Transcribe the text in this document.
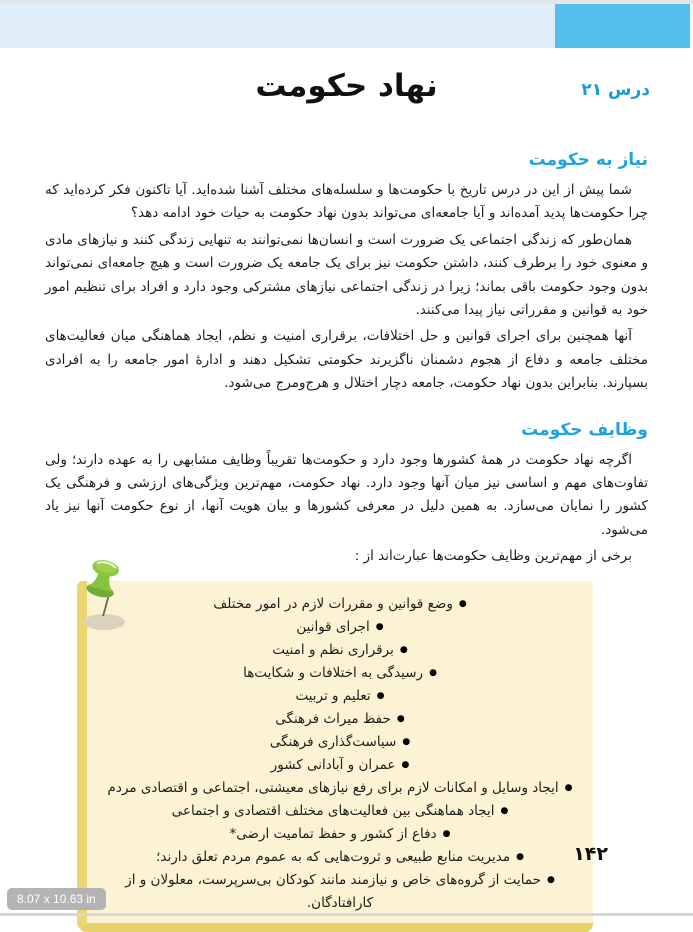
درس ۲۱
نهاد حکومت
نیاز به حکومت

شما پیش از این در درس تاریخ با حکومت‌ها و سلسله‌های مختلف آشنا شده‌اید. آیا تاکنون فکر کرده‌اید که چرا حکومت‌ها پدید آمده‌اند و آیا جامعه‌ای می‌تواند بدون نهاد حکومت به حیات خود ادامه دهد؟

همان‌طور که زندگی اجتماعی یک ضرورت است و انسان‌ها نمی‌توانند به تنهایی زندگی کنند و نیازهای مادی و معنوی خود را برطرف کنند، داشتن حکومت نیز برای یک جامعه یک ضرورت است و هیچ جامعه‌ای نمی‌تواند بدون وجود حکومت باقی بماند؛ زیرا در زندگی اجتماعی نیازهای مشترکی وجود دارد و افراد برای تنظیم امور خود به قوانین و مقرراتی نیاز پیدا می‌کنند.

آنها همچنین برای اجرای قوانین و حل اختلافات، برقراری امنیت و نظم، ایجاد هماهنگی میان فعالیت‌های مختلف جامعه و دفاع از هجوم دشمنان ناگزیرند حکومتی تشکیل دهند و ادارهٔ امور جامعه را به افرادی بسپارند. بنابراین بدون نهاد حکومت، جامعه دچار اختلال و هرج‌ومرج می‌شود.

وظایف حکومت

اگرچه نهاد حکومت در همهٔ کشورها وجود دارد و حکومت‌ها تقریباً وظایف مشابهی را به عهده دارند؛ ولی تفاوت‌های مهم و اساسی نیز میان آنها وجود دارد. نهاد حکومت، مهم‌ترین ویژگی‌های ارزشی و فرهنگی یک کشور را نمایان می‌سازد. به همین دلیل در معرفی کشورها و بیان هویت آنها، از نوع حکومت آنها نیز یاد می‌شود.

برخی از مهم‌ترین وظایف حکومت‌ها عبارت‌اند از :

●وضع قوانین و مقررات لازم در امور مختلف
●اجرای قوانین
●برقراری نظم و امنیت
●رسیدگی به اختلافات و شکایت‌ها
●تعلیم و تربیت
●حفظ میراث فرهنگی
●سیاست‌گذاری فرهنگی
●عمران و آبادانی کشور
●ایجاد وسایل و امکانات لازم برای رفع نیازهای معیشتی، اجتماعی و اقتصادی مردم
●ایجاد هماهنگی بین فعالیت‌های مختلف اقتصادی و اجتماعی
●دفاع از کشور و حفظ تمامیت ارضی*
●مدیریت منابع طبیعی و ثروت‌هایی که به عموم مردم تعلق دارند؛
●حمایت از گروه‌های خاص و نیازمند مانند کودکان بی‌سرپرست، معلولان و از کارافتادگان.
۱۴۲
8.07 x 10.63 in
